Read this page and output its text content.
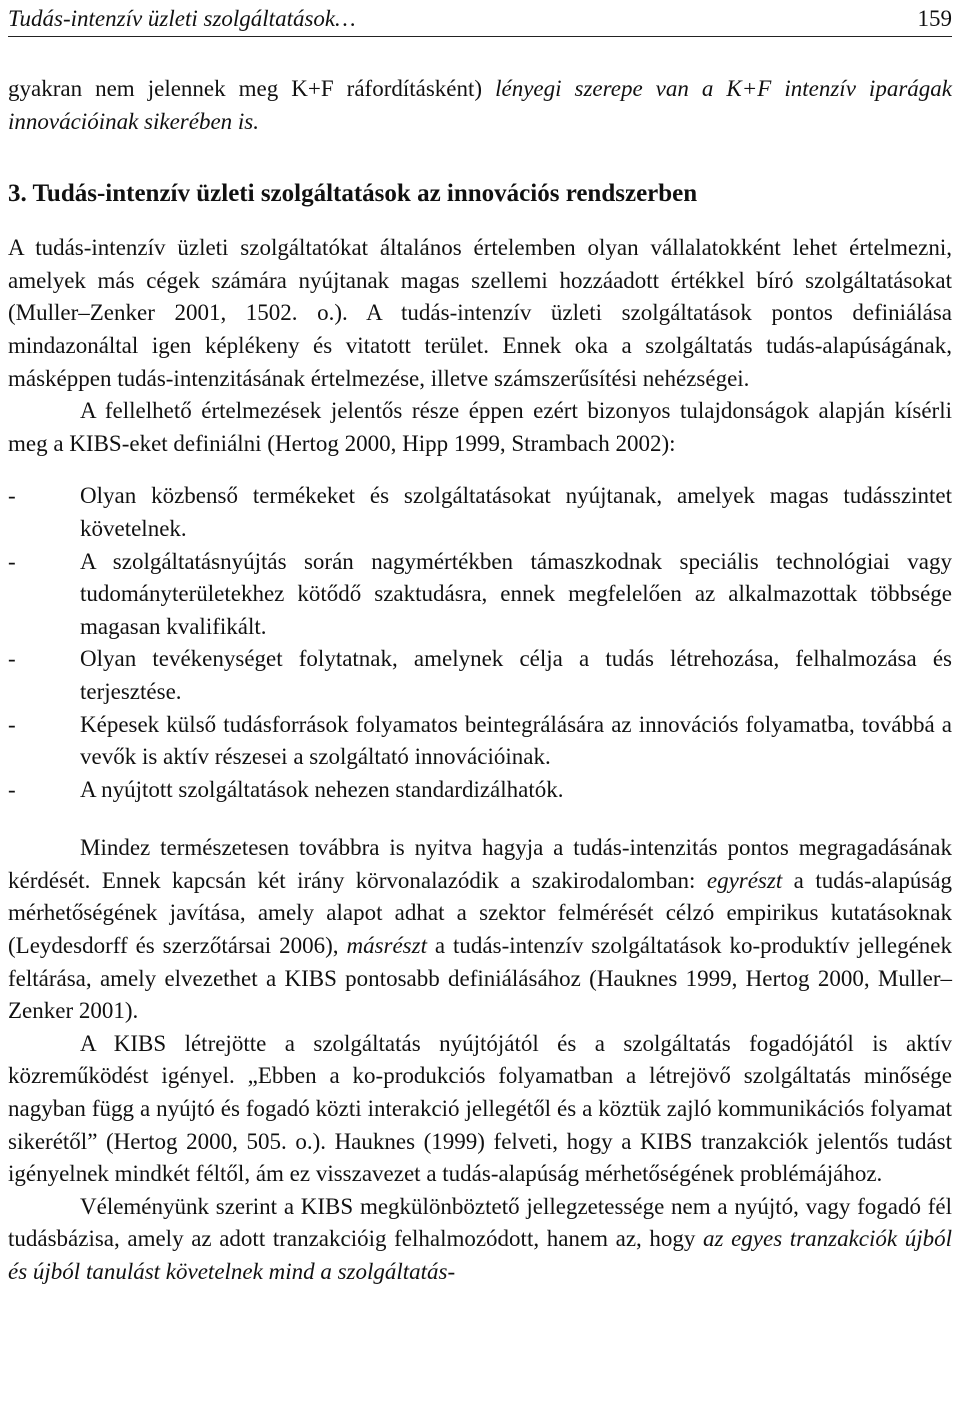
Tudás-intenzív üzleti szolgáltatások…	159

gyakran nem jelennek meg K+F ráfordításként) lényegi szerepe van a K+F intenzív iparágak innovációinak sikerében is.

3. Tudás-intenzív üzleti szolgáltatások az innovációs rendszerben

A tudás-intenzív üzleti szolgáltatókat általános értelemben olyan vállalatokként lehet értelmezni, amelyek más cégek számára nyújtanak magas szellemi hozzáadott értékkel bíró szolgáltatásokat (Muller–Zenker 2001, 1502. o.). A tudás-intenzív üzleti szolgáltatások pontos definiálása mindazonáltal igen képlékeny és vitatott terület. Ennek oka a szolgáltatás tudás-alapúságának, másképpen tudás-intenzitásának értelmezése, illetve számszerűsítési nehézségei.

A fellelhető értelmezések jelentős része éppen ezért bizonyos tulajdonságok alapján kísérli meg a KIBS-eket definiálni (Hertog 2000, Hipp 1999, Strambach 2002):

-	Olyan közbenső termékeket és szolgáltatásokat nyújtanak, amelyek magas tudásszintet követelnek.
-	A szolgáltatásnyújtás során nagymértékben támaszkodnak speciális technológiai vagy tudományterületekhez kötődő szaktudásra, ennek megfelelően az alkalmazottak többsége magasan kvalifikált.
-	Olyan tevékenységet folytatnak, amelynek célja a tudás létrehozása, felhalmozása és terjesztése.
-	Képesek külső tudásforrások folyamatos beintegrálására az innovációs folyamatba, továbbá a vevők is aktív részesei a szolgáltató innovációinak.
-	A nyújtott szolgáltatások nehezen standardizálhatók.

Mindez természetesen továbbra is nyitva hagyja a tudás-intenzitás pontos megragadásának kérdését. Ennek kapcsán két irány körvonalazódik a szakirodalomban: egyrészt a tudás-alapúság mérhetőségének javítása, amely alapot adhat a szektor felmérését célzó empirikus kutatásoknak (Leydesdorff és szerzőtársai 2006), másrészt a tudás-intenzív szolgáltatások ko-produktív jellegének feltárása, amely elvezethet a KIBS pontosabb definiálásához (Hauknes 1999, Hertog 2000, Muller–Zenker 2001).

A KIBS létrejötte a szolgáltatás nyújtójától és a szolgáltatás fogadójától is aktív közreműködést igényel. „Ebben a ko-produkciós folyamatban a létrejövő szolgáltatás minősége nagyban függ a nyújtó és fogadó közti interakció jellegétől és a köztük zajló kommunikációs folyamat sikerétől” (Hertog 2000, 505. o.). Hauknes (1999) felveti, hogy a KIBS tranzakciók jelentős tudást igényelnek mindkét féltől, ám ez visszavezet a tudás-alapúság mérhetőségének problémájához.

Véleményünk szerint a KIBS megkülönböztető jellegzetessége nem a nyújtó, vagy fogadó fél tudásbázisa, amely az adott tranzakcióig felhalmozódott, hanem az, hogy az egyes tranzakciók újból és újból tanulást követelnek mind a szolgáltatás-
